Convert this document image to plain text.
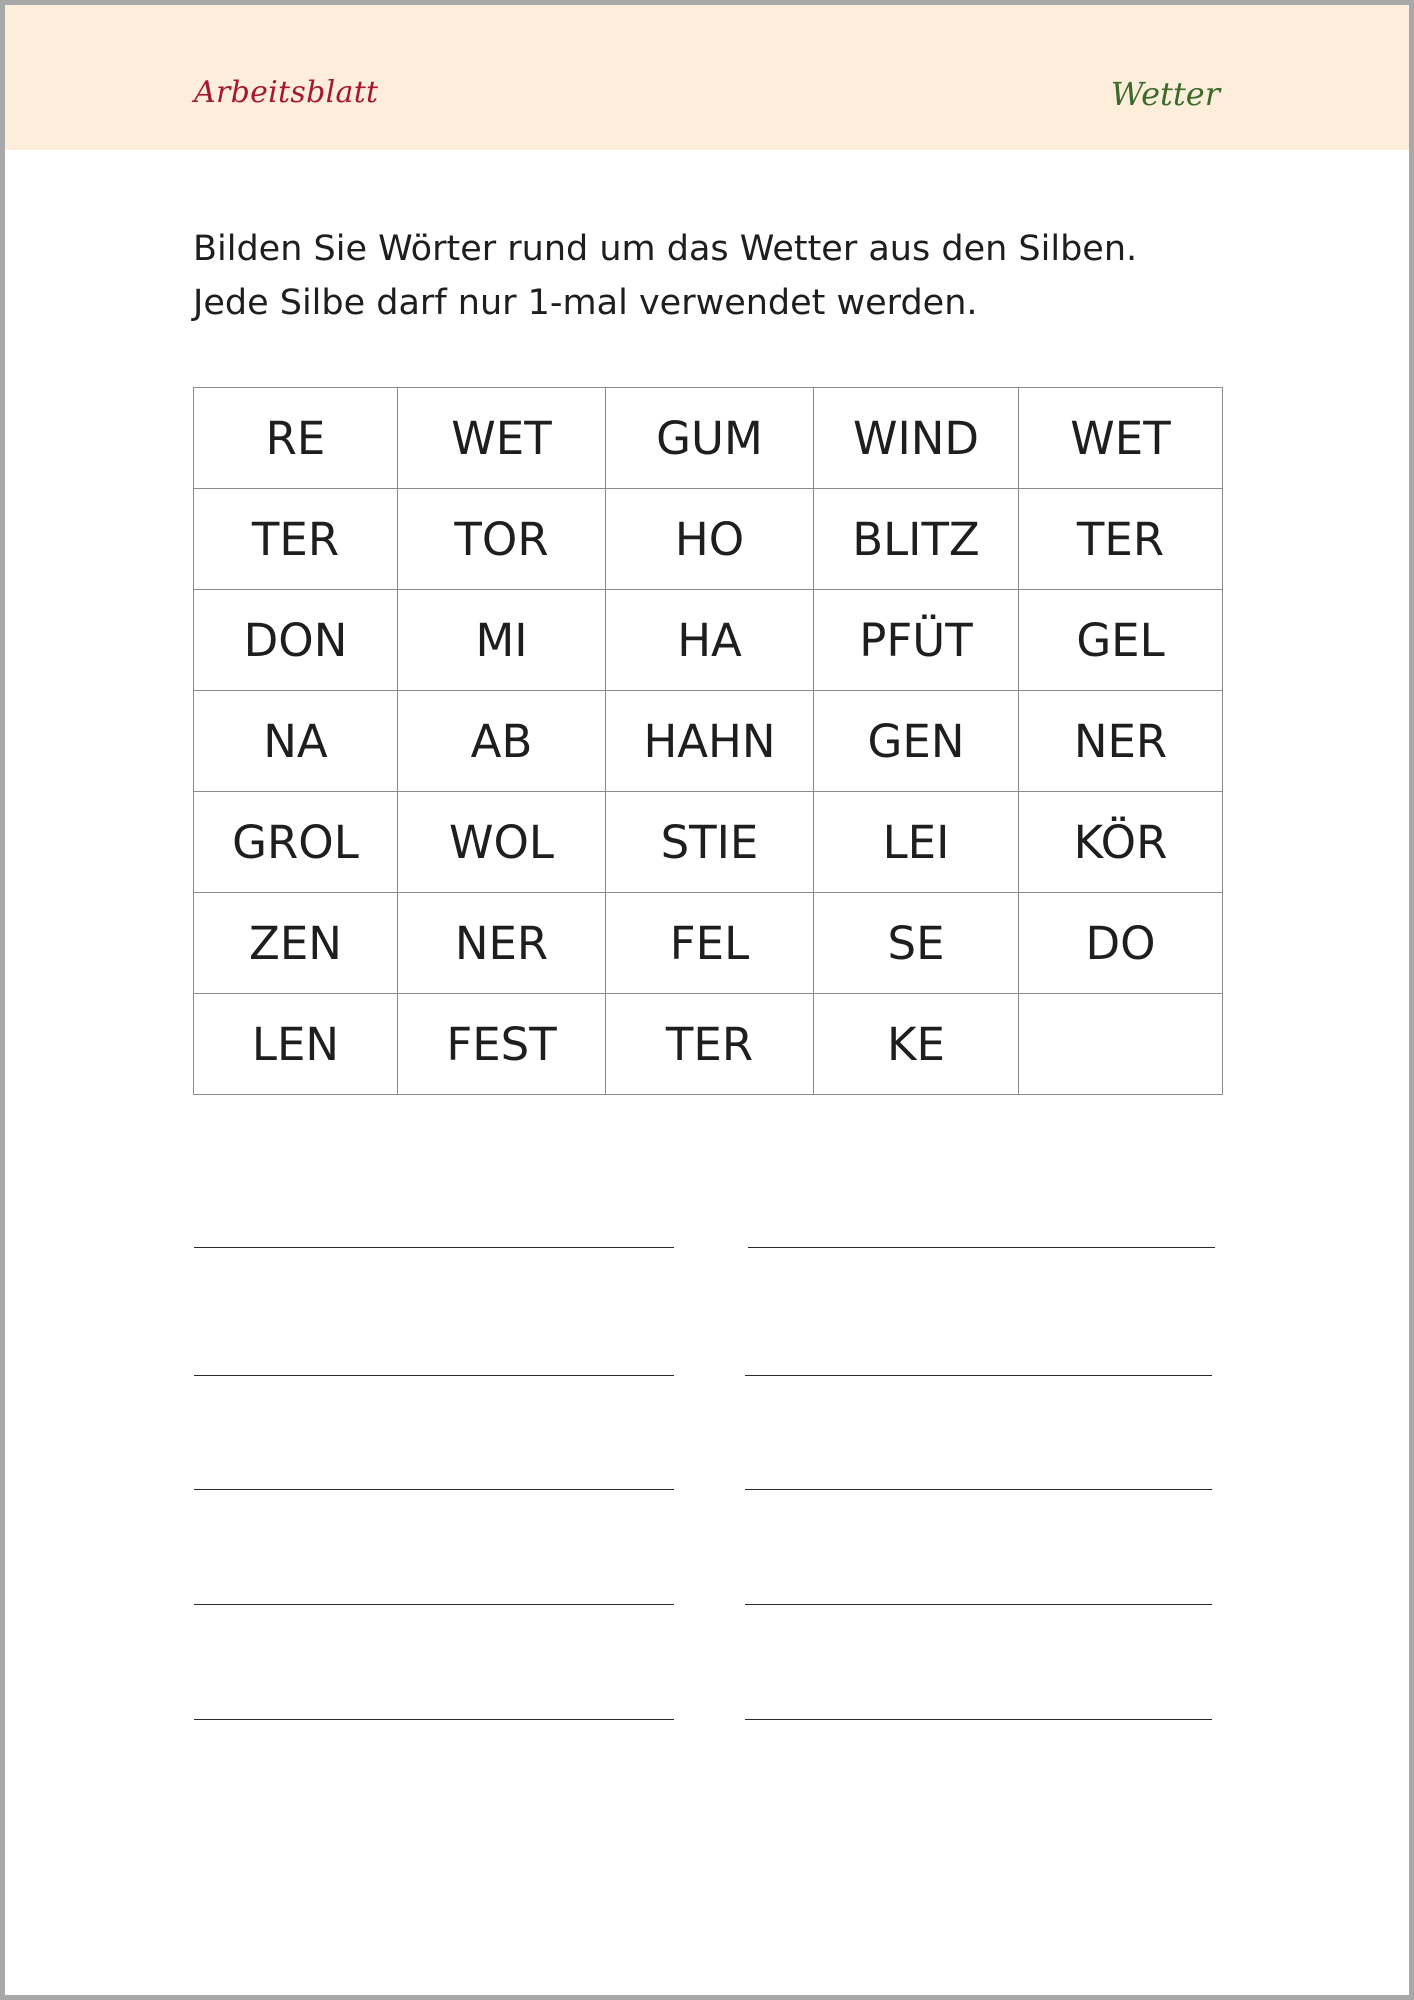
Arbeitsblatt	Wetter
Bilden Sie Wörter rund um das Wetter aus den Silben.
Jede Silbe darf nur 1-mal verwendet werden.
RE	WET	GUM	WIND	WET
TER	TOR	HO	BLITZ	TER
DON	MI	HA	PFÜT	GEL
NA	AB	HAHN	GEN	NER
GROL	WOL	STIE	LEI	KÖR
ZEN	NER	FEL	SE	DO
LEN	FEST	TER	KE	
